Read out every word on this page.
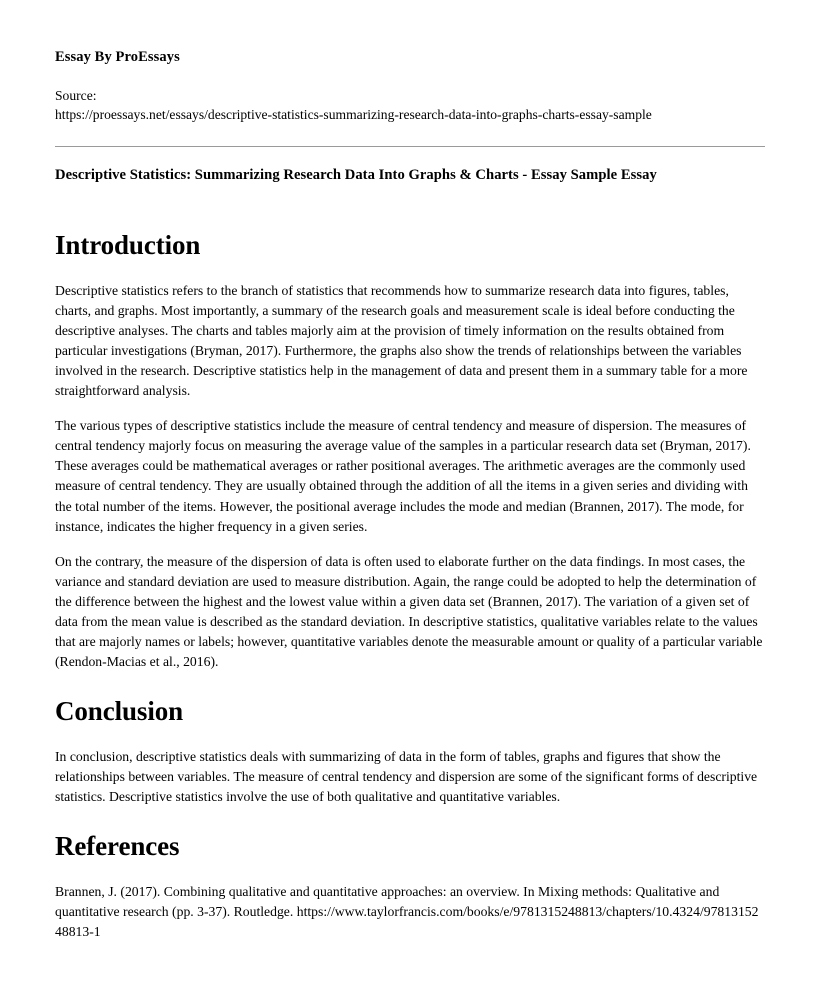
Essay By ProEssays

Source:
https://proessays.net/essays/descriptive-statistics-summarizing-research-data-into-graphs-charts-essay-sample

Descriptive Statistics: Summarizing Research Data Into Graphs & Charts - Essay Sample Essay

Introduction

Descriptive statistics refers to the branch of statistics that recommends how to summarize research data into figures, tables, charts, and graphs. Most importantly, a summary of the research goals and measurement scale is ideal before conducting the descriptive analyses. The charts and tables majorly aim at the provision of timely information on the results obtained from particular investigations (Bryman, 2017). Furthermore, the graphs also show the trends of relationships between the variables involved in the research. Descriptive statistics help in the management of data and present them in a summary table for a more straightforward analysis.

The various types of descriptive statistics include the measure of central tendency and measure of dispersion. The measures of central tendency majorly focus on measuring the average value of the samples in a particular research data set (Bryman, 2017). These averages could be mathematical averages or rather positional averages. The arithmetic averages are the commonly used measure of central tendency. They are usually obtained through the addition of all the items in a given series and dividing with the total number of the items. However, the positional average includes the mode and median (Brannen, 2017). The mode, for instance, indicates the higher frequency in a given series.

On the contrary, the measure of the dispersion of data is often used to elaborate further on the data findings. In most cases, the variance and standard deviation are used to measure distribution. Again, the range could be adopted to help the determination of the difference between the highest and the lowest value within a given data set (Brannen, 2017). The variation of a given set of data from the mean value is described as the standard deviation. In descriptive statistics, qualitative variables relate to the values that are majorly names or labels; however, quantitative variables denote the measurable amount or quality of a particular variable (Rendon-Macias et al., 2016).

Conclusion

In conclusion, descriptive statistics deals with summarizing of data in the form of tables, graphs and figures that show the relationships between variables. The measure of central tendency and dispersion are some of the significant forms of descriptive statistics. Descriptive statistics involve the use of both qualitative and quantitative variables.

References

Brannen, J. (2017). Combining qualitative and quantitative approaches: an overview. In Mixing methods: Qualitative and quantitative research (pp. 3-37). Routledge. https://www.taylorfrancis.com/books/e/9781315248813/chapters/10.4324/9781315248813-1
